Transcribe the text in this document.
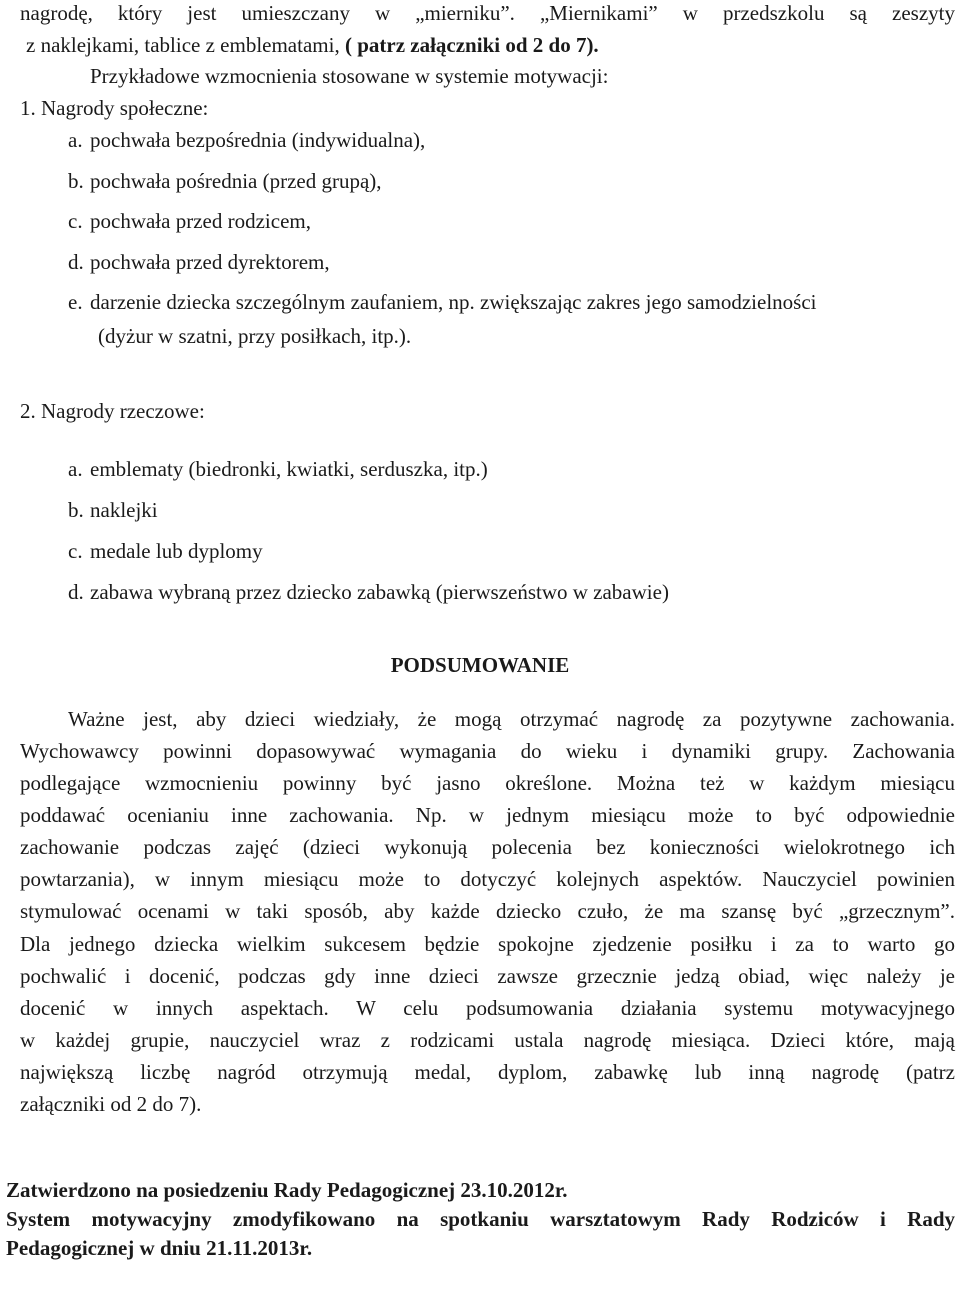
nagrodę, który jest umieszczany w „mierniku”. „Miernikami” w przedszkolu są zeszyty
z naklejkami, tablice z emblematami, ( patrz załączniki od 2 do 7).
Przykładowe wzmocnienia stosowane w systemie motywacji:
1. Nagrody społeczne:
a. pochwała bezpośrednia (indywidualna),
b. pochwała pośrednia (przed grupą),
c. pochwała przed rodzicem,
d. pochwała przed dyrektorem,
e. darzenie dziecka szczególnym zaufaniem, np. zwiększając zakres jego samodzielności
(dyżur w szatni, przy posiłkach, itp.).
2. Nagrody rzeczowe:
a. emblematy (biedronki, kwiatki, serduszka, itp.)
b. naklejki
c. medale lub dyplomy
d. zabawa wybraną przez dziecko zabawką (pierwszeństwo w zabawie)
PODSUMOWANIE
Ważne jest, aby dzieci wiedziały, że mogą otrzymać nagrodę za pozytywne zachowania.
Wychowawcy powinni dopasowywać wymagania do wieku i dynamiki grupy. Zachowania
podlegające wzmocnieniu powinny być jasno określone. Można też w każdym miesiącu
poddawać ocenianiu inne zachowania. Np. w jednym miesiącu może to być odpowiednie
zachowanie podczas zajęć (dzieci wykonują polecenia bez konieczności wielokrotnego ich
powtarzania), w innym miesiącu może to dotyczyć kolejnych aspektów. Nauczyciel powinien
stymulować ocenami w taki sposób, aby każde dziecko czuło, że ma szansę być „grzecznym”.
Dla jednego dziecka wielkim sukcesem będzie spokojne zjedzenie posiłku i za to warto go
pochwalić i docenić, podczas gdy inne dzieci zawsze grzecznie jedzą obiad, więc należy je
docenić w innych aspektach. W celu podsumowania działania systemu motywacyjnego
w każdej grupie, nauczyciel wraz z rodzicami ustala nagrodę miesiąca. Dzieci które, mają
największą liczbę nagród otrzymują medal, dyplom, zabawkę lub inną nagrodę (patrz
załączniki od 2 do 7).
Zatwierdzono na posiedzeniu Rady Pedagogicznej 23.10.2012r.
System motywacyjny zmodyfikowano na spotkaniu warsztatowym Rady Rodziców i Rady
Pedagogicznej w dniu 21.11.2013r.
